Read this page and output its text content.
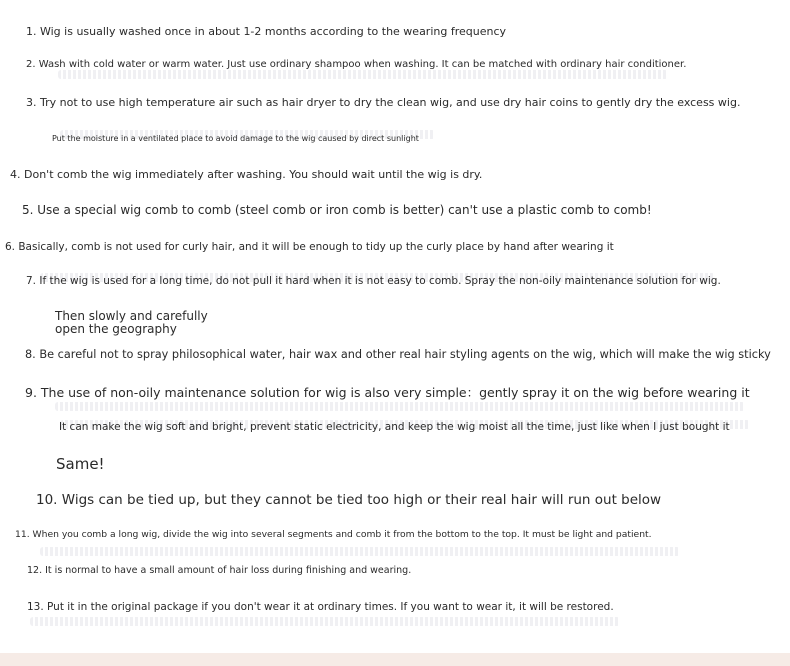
1. Wig is usually washed once in about 1-2 months according to the wearing frequency
2. Wash with cold water or warm water. Just use ordinary shampoo when washing. It can be matched with ordinary hair conditioner.
3. Try not to use high temperature air such as hair dryer to dry the clean wig, and use dry hair coins to gently dry the excess wig.
Put the moisture in a ventilated place to avoid damage to the wig caused by direct sunlight
4. Don't comb the wig immediately after washing. You should wait until the wig is dry.
5. Use a special wig comb to comb (steel comb or iron comb is better) can't use a plastic comb to comb!
6. Basically, comb is not used for curly hair, and it will be enough to tidy up the curly place by hand after wearing it
7. If the wig is used for a long time, do not pull it hard when it is not easy to comb. Spray the non-oily maintenance solution for wig.
Then slowly and carefully
open the geography
8. Be careful not to spray philosophical water, hair wax and other real hair styling agents on the wig, which will make the wig sticky
9. The use of non-oily maintenance solution for wig is also very simple：gently spray it on the wig before wearing it
It can make the wig soft and bright, prevent static electricity, and keep the wig moist all the time, just like when I just bought it
Same!
10. Wigs can be tied up, but they cannot be tied too high or their real hair will run out below
11. When you comb a long wig, divide the wig into several segments and comb it from the bottom to the top. It must be light and patient.
12. It is normal to have a small amount of hair loss during finishing and wearing.
13. Put it in the original package if you don't wear it at ordinary times. If you want to wear it, it will be restored.
